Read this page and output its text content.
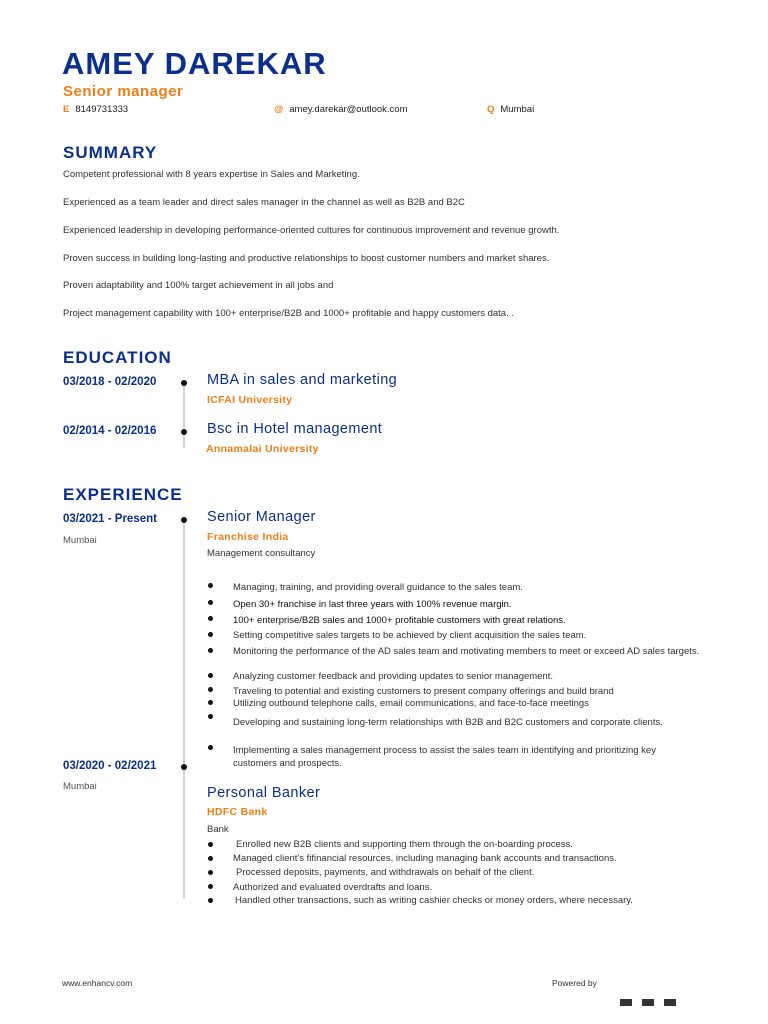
AMEY DAREKAR
Senior manager
E 8149731333	@ amey.darekar@outlook.com	Q Mumbai
SUMMARY
Competent professional with 8 years expertise in Sales and Marketing.
Experienced as a team leader and direct sales manager in the channel as well as B2B and B2C
Experienced leadership in developing performance-oriented cultures for continuous improvement and revenue growth.
Proven success in building long-lasting and productive relationships to boost customer numbers and market shares.
Proven adaptability and 100% target achievement in all jobs and
Project management capability with 100+ enterprise/B2B and 1000+ profitable and happy customers data. .
EDUCATION
03/2018 - 02/2020	MBA in sales and marketing
ICFAI University
02/2014 - 02/2016	Bsc in Hotel management
Annamalai University
EXPERIENCE
03/2021 - Present
Mumbai
Senior Manager
Franchise India
Management consultancy
Managing, training, and providing overall guidance to the sales team.
Open 30+ franchise in last three years with 100% revenue margin.
100+ enterprise/B2B sales and 1000+ profitable customers with great relations.
Setting competitive sales targets to be achieved by client acquisition the sales team.
Monitoring the performance of the AD sales team and motivating members to meet or exceed AD sales targets.
Analyzing customer feedback and providing updates to senior management.
Traveling to potential and existing customers to present company offerings and build brand
Utilizing outbound telephone calls, email communications, and face-to-face meetings
Developing and sustaining long-term relationships with B2B and B2C customers and corporate clients.
Implementing a sales management process to assist the sales team in identifying and prioritizing key customers and prospects.
03/2020 - 02/2021
Mumbai	Personal Banker
HDFC Bank
Bank
Enrolled new B2B clients and supporting them through the on-boarding process.
Managed client's fifinancial resources, including managing bank accounts and transactions.
Processed deposits, payments, and withdrawals on behalf of the client.
Authorized and evaluated overdrafts and loans.
Handled other transactions, such as writing cashier checks or money orders, where necessary.
www.enhancv.com	Powered by
